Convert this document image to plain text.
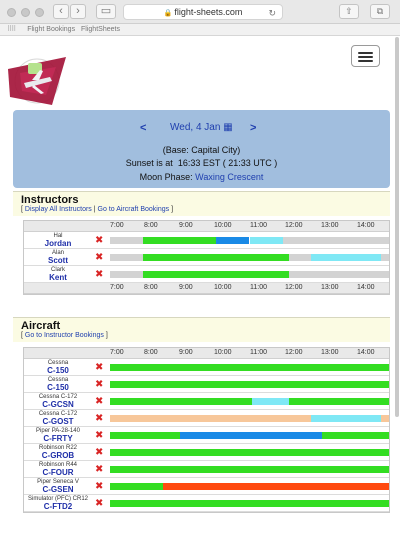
‹	›	▭	🔒 flight-sheets.com	↻	⇧	⧉
⠿⠿ Flight Bookings FlightSheets
< Wed, 4 Jan ▦ >
(Base: Capital City)
Sunset is at 16:33 EST ( 21:33 UTC )
Moon Phase: Waxing Crescent
Instructors
[ Display All Instructors | Go to Aircraft Bookings ]
7:00	8:00	9:00	10:00	11:00	12:00	13:00	14:00
Hal
Jordan	✖
Alan
Scott	✖
Clark
Kent	✖
7:00	8:00	9:00	10:00	11:00	12:00	13:00	14:00
Aircraft
[ Go to Instructor Bookings ]
7:00	8:00	9:00	10:00	11:00	12:00	13:00	14:00
Cessna
C-150	✖
Cessna
C-150	✖
Cessna C-172
C-GCSN	✖
Cessna C-172
C-GOST	✖
Piper PA-28-140
C-FRTY	✖
Robinson R22
C-GROB	✖
Robinson R44
C-FOUR	✖
Piper Seneca V
C-GSEN	✖
Simulator (PFC) CR12
C-FTD2	✖
